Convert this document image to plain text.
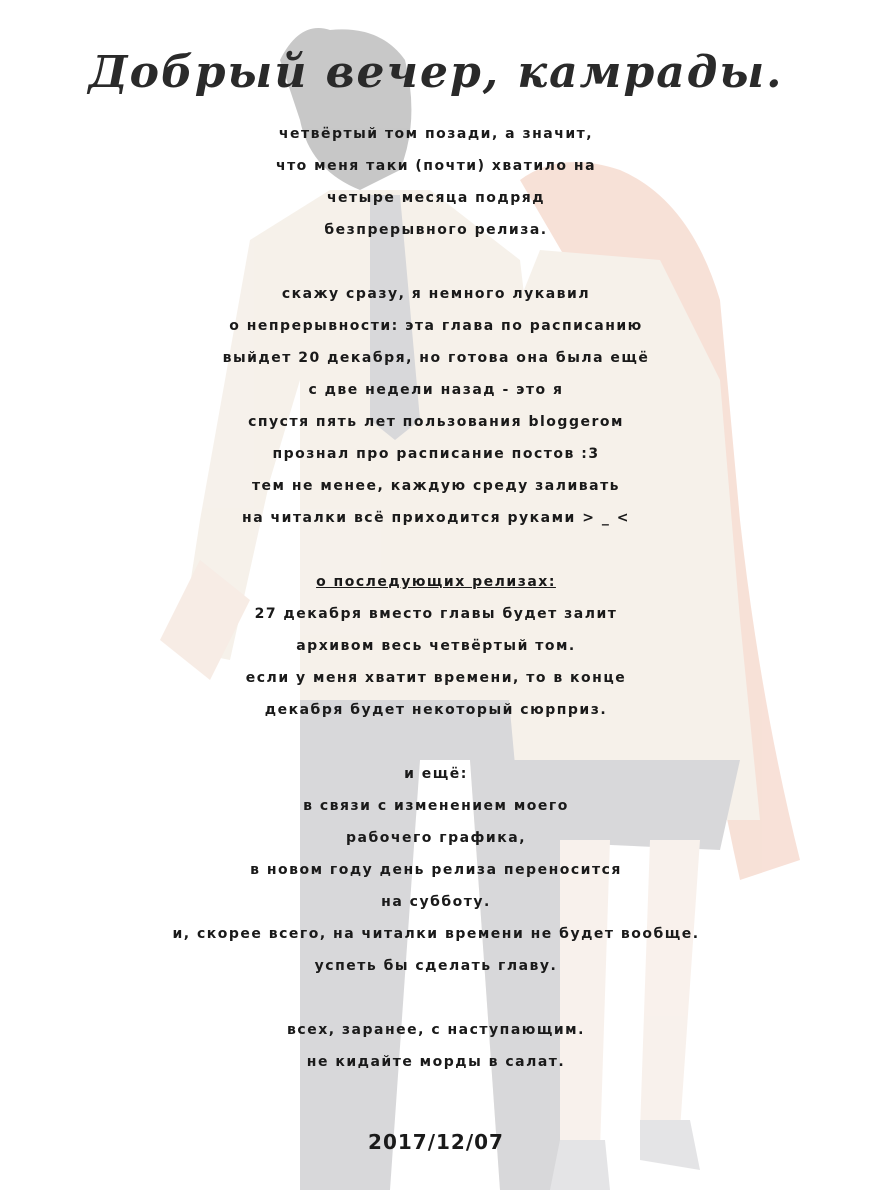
Добрый вечер, камрады.
четвёртый том позади, а значит,
что меня таки (почти) хватило на
четыре месяца подряд
безпрерывного релиза.
скажу сразу, я немного лукавил
о непрерывности: эта глава по расписанию
выйдет 20 декабря, но готова она была ещё
с две недели назад - это я
спустя пять лет пользования bloggerом
прознал про расписание постов :3
тем не менее, каждую среду заливать
на читалки всё приходится руками > _ <
о последующих релизах:
27 декабря вместо главы будет залит
архивом весь четвёртый том.
если у меня хватит времени, то в конце
декабря будет некоторый сюрприз.
и ещё:
в связи с изменением моего
рабочего графика,
в новом году день релиза переносится
на субботу.
и, скорее всего, на читалки времени не будет вообще.
успеть бы сделать главу.
всех, заранее, с наступающим.
не кидайте морды в салат.
2017/12/07
